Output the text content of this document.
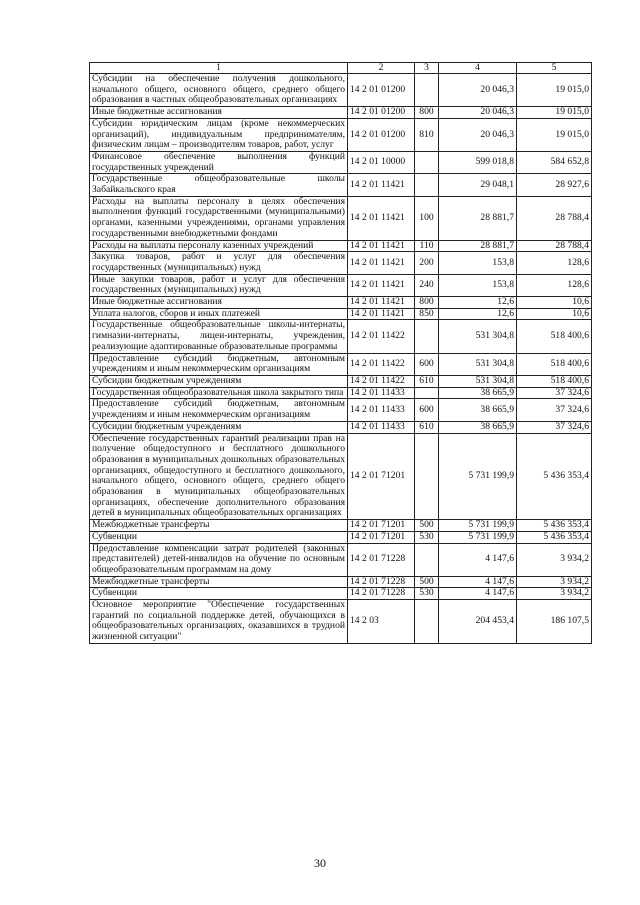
1	2	3	4	5
Субсидии на обеспечение получения дошкольного, начального общего, основного общего, среднего общего образования в частных общеобразовательных организациях	14 2 01 01200		20 046,3	19 015,0
Иные бюджетные ассигнования	14 2 01 01200	800	20 046,3	19 015,0
Субсидии юридическим лицам (кроме некоммерческих организаций), индивидуальным предпринимателям, физическим лицам – производителям товаров, работ, услуг	14 2 01 01200	810	20 046,3	19 015,0
Финансовое обеспечение выполнения функций государственных учреждений	14 2 01 10000		599 018,8	584 652,8
Государственные общеобразовательные школы Забайкальского края	14 2 01 11421		29 048,1	28 927,6
Расходы на выплаты персоналу в целях обеспечения выполнения функций государственными (муниципальными) органами, казенными учреждениями, органами управления государственными внебюджетными фондами	14 2 01 11421	100	28 881,7	28 788,4
Расходы на выплаты персоналу казенных учреждений	14 2 01 11421	110	28 881,7	28 788,4
Закупка товаров, работ и услуг для обеспечения государственных (муниципальных) нужд	14 2 01 11421	200	153,8	128,6
Иные закупки товаров, работ и услуг для обеспечения государственных (муниципальных) нужд	14 2 01 11421	240	153,8	128,6
Иные бюджетные ассигнования	14 2 01 11421	800	12,6	10,6
Уплата налогов, сборов и иных платежей	14 2 01 11421	850	12,6	10,6
Государственные общеобразовательные школы-интернаты, гимназии-интернаты, лицеи-интернаты, учреждения, реализующие адаптированные образовательные программы	14 2 01 11422		531 304,8	518 400,6
Предоставление субсидий бюджетным, автономным учреждениям и иным некоммерческим организациям	14 2 01 11422	600	531 304,8	518 400,6
Субсидии бюджетным учреждениям	14 2 01 11422	610	531 304,8	518 400,6
Государственная общеобразовательная школа закрытого типа	14 2 01 11433		38 665,9	37 324,6
Предоставление субсидий бюджетным, автономным учреждениям и иным некоммерческим организациям	14 2 01 11433	600	38 665,9	37 324,6
Субсидии бюджетным учреждениям	14 2 01 11433	610	38 665,9	37 324,6
Обеспечение государственных гарантий реализации прав на получение общедоступного и бесплатного дошкольного образования в муниципальных дошкольных образовательных организациях, общедоступного и бесплатного дошкольного, начального общего, основного общего, среднего общего образования в муниципальных общеобразовательных организациях, обеспечение дополнительного образования детей в муниципальных общеобразовательных организациях	14 2 01 71201		5 731 199,9	5 436 353,4
Межбюджетные трансферты	14 2 01 71201	500	5 731 199,9	5 436 353,4
Субвенции	14 2 01 71201	530	5 731 199,9	5 436 353,4
Предоставление компенсации затрат родителей (законных представителей) детей-инвалидов на обучение по основным общеобразовательным программам на дому	14 2 01 71228		4 147,6	3 934,2
Межбюджетные трансферты	14 2 01 71228	500	4 147,6	3 934,2
Субвенции	14 2 01 71228	530	4 147,6	3 934,2
Основное мероприятие "Обеспечение государственных гарантий по социальной поддержке детей, обучающихся в общеобразовательных организациях, оказавшихся в трудной жизненной ситуации"	14 2 03		204 453,4	186 107,5
30
